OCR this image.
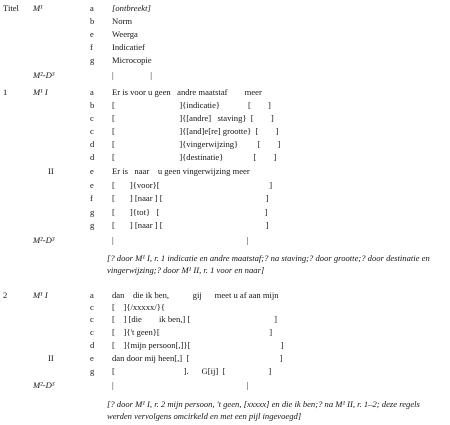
Titel M¹	a [ontbreekt]
b Norm
e Weerga
f Indicatief
g Microcopie
M²-D³	|                 |
1	M¹ I	a Er is voor u geen   andre maatstaf        meer
b [                              ]{indicatie}             [        ]
c [                              ]{[andre]   staving}  [        ]
c [                              ]{[and]e[re] grootte}  [        ]
d [                              ]{vingerwijzing}         [        ]
d [                              ]{destinatie}              [        ]
II	e Er is   naar    u geen vingerwijzing meer
e [       ]{voor}[                                                   ]
f [       ] [naar ] [                                                ]
g [       ]{tot}   [                                                 ]
g [       ] [naar ] [                                                ]
M²-D³	|                                                              |
[? door M¹ I, r. 1 indicatie en andre maatstaf;? na staving;? door grootte;? door destinatie en vingerwijzing;? door M¹ II, r. 1 voor en naar]
2	M¹ I	a dan    die ik ben,           gij      meet u af aan mijn
c [    ]{/xxxxx/}{
c [    ] [die        ik ben,] [                                       ]
c [    ]{'t geen}[                                                   ]
d [    ]{mijn persoon[,]}[                                          ]
II	e dan door mij heen[,]  [                                          ]
g [                                ].      G[ij]  [                    ]
M²-D³	|                                                              |
[? door M¹ I, r. 2 mijn persoon, 't geen, [xxxxx] en die ik ben;? na M¹ II, r. 1–2; deze regels werden vervolgens omcirkeld en met een pijl ingevoegd]
